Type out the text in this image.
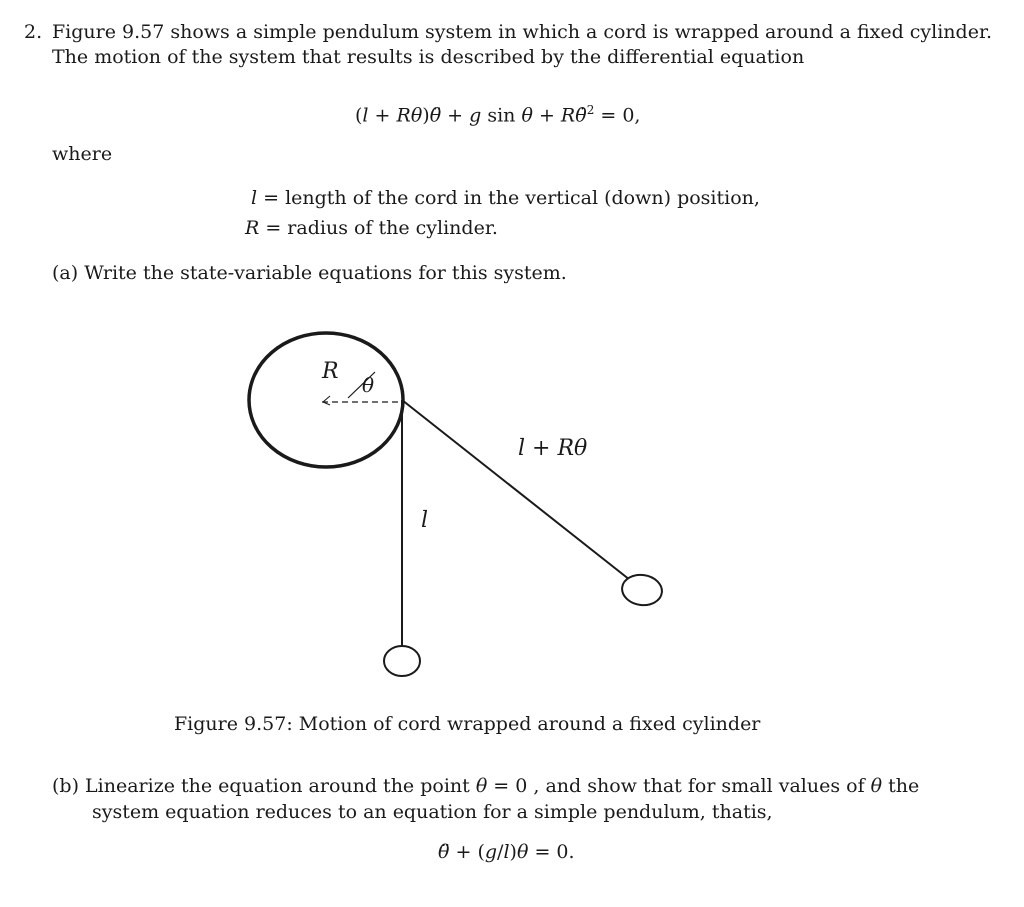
2. Figure 9.57 shows a simple pendulum system in which a cord is wrapped around a fixed cylinder.
The motion of the system that results is described by the differential equation
(l + Rθ)θ̈ + g sin θ + Rθ̇$^2$ = 0,
where
l = length of the cord in the vertical (down) position,
R = radius of the cylinder.
(a) Write the state-variable equations for this system.
R
θ
l
l + Rθ
Figure 9.57: Motion of cord wrapped around a fixed cylinder
(b) Linearize the equation around the point θ = 0 , and show that for small values of θ the
system equation reduces to an equation for a simple pendulum, thatis,
θ̈ + (g/l)θ = 0.
